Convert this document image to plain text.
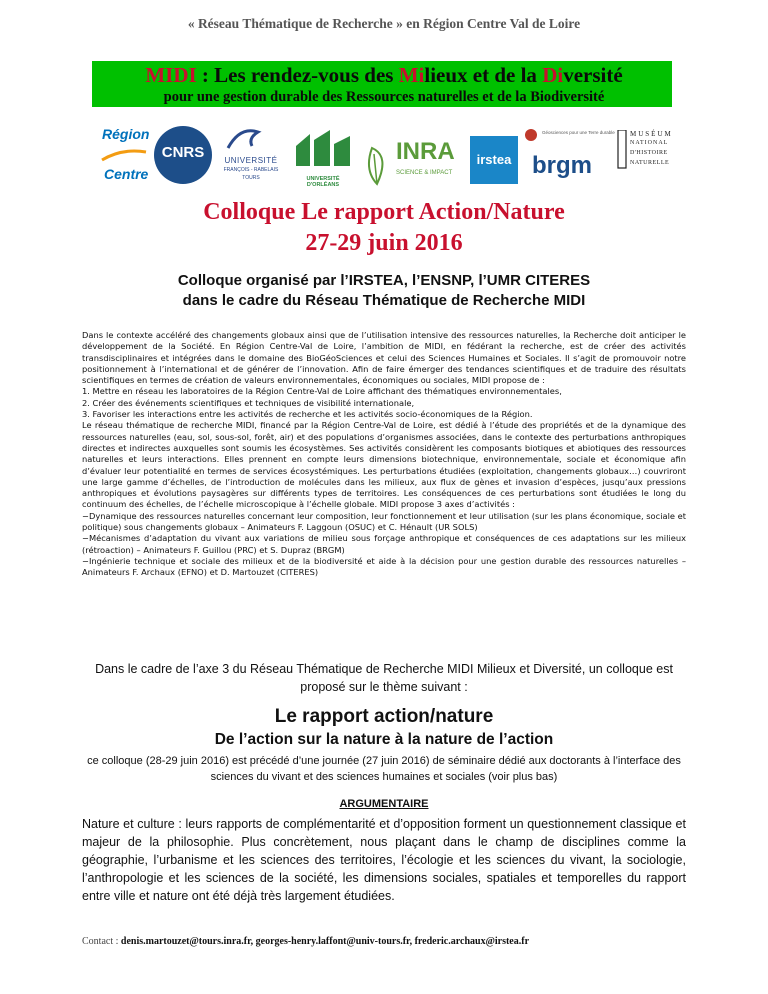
« Réseau Thématique de Recherche » en Région Centre Val de Loire
MIDI : Les rendez-vous des Milieux et de la Diversité
pour une gestion durable des Ressources naturelles et de la Biodiversité
Région
Centre
CNRS	UNIVERSITÉ
FRANÇOIS - RABELAIS
TOURS	UNIVERSITÉ D'ORLÉANS
INRA
SCIENCE & IMPACT
irstea
Géosciences pour une Terre durable
brgm
MUSÉUM
NATIONAL
D'HISTOIRE
NATURELLE
Colloque Le rapport Action/Nature
27-29 juin 2016
Colloque organisé par l’IRSTEA, l’ENSNP, l’UMR CITERES
dans le cadre du Réseau Thématique de Recherche MIDI

Dans le contexte accéléré des changements globaux ainsi que de l’utilisation intensive des ressources naturelles, la Recherche doit anticiper le développement de la Société. En Région Centre-Val de Loire, l’ambition de MIDI, en fédérant la recherche, est de créer des activités transdisciplinaires et intégrées dans le domaine des BioGéoSciences et celui des Sciences Humaines et Sociales. Il s’agit de promouvoir notre positionnement à l’international et de générer de l’innovation. Afin de faire émerger des tendances scientifiques et de traduire des résultats scientifiques en termes de création de valeurs environnementales, économiques ou sociales, MIDI propose de :

1. Mettre en réseau les laboratoires de la Région Centre-Val de Loire affichant des thématiques environnementales,

2. Créer des événements scientifiques et techniques de visibilité internationale,

3. Favoriser les interactions entre les activités de recherche et les activités socio-économiques de la Région.

Le réseau thématique de recherche MIDI, financé par la Région Centre-Val de Loire, est dédié à l’étude des propriétés et de la dynamique des ressources naturelles (eau, sol, sous-sol, forêt, air) et des populations d’organismes associées, dans le contexte des perturbations anthropiques directes et indirectes auxquelles sont soumis les écosystèmes. Ses activités considèrent les composants biotiques et abiotiques des ressources naturelles et leurs interactions. Elles prennent en compte leurs dimensions biotechnique, environnementale, sociale et économique afin d’évaluer leur potentialité en termes de services écosystémiques. Les perturbations étudiées (exploitation, changements globaux…) couvriront une large gamme d’échelles, de l’introduction de molécules dans les milieux, aux flux de gènes et invasion d’espèces, jusqu’aux pressions anthropiques et évolutions paysagères sur différents types de territoires. Les conséquences de ces perturbations sont étudiées le long du continuum des échelles, de l’échelle microscopique à l’échelle globale. MIDI propose 3 axes d’activités :

−Dynamique des ressources naturelles concernant leur composition, leur fonctionnement et leur utilisation (sur les plans économique, sociale et politique) sous changements globaux – Animateurs F. Laggoun (OSUC) et C. Hénault (UR SOLS)

−Mécanismes d’adaptation du vivant aux variations de milieu sous forçage anthropique et conséquences de ces adaptations sur les milieux (rétroaction) – Animateurs F. Guillou (PRC) et S. Dupraz (BRGM)

−Ingénierie technique et sociale des milieux et de la biodiversité et aide à la décision pour une gestion durable des ressources naturelles – Animateurs F. Archaux (EFNO) et D. Martouzet (CITERES)

Dans le cadre de l’axe 3 du Réseau Thématique de Recherche MIDI Milieux et Diversité, un colloque est proposé sur le thème suivant :
Le rapport action/nature
De l’action sur la nature à la nature de l’action
ce colloque (28-29 juin 2016) est précédé d’une journée (27 juin 2016) de séminaire dédié aux doctorants à l’interface des sciences du vivant et des sciences humaines et sociales (voir plus bas)
ARGUMENTAIRE
Nature et culture : leurs rapports de complémentarité et d’opposition forment un questionnement classique et majeur de la philosophie. Plus concrètement, nous plaçant dans le champ de disciplines comme la géographie, l’urbanisme et les sciences des territoires, l’écologie et les sciences du vivant, la sociologie, l’anthropologie et les sciences de la société, les dimensions sociales, spatiales et temporelles du rapport entre ville et nature ont été déjà très largement étudiées.
Contact : denis.martouzet@tours.inra.fr, georges-henry.laffont@univ-tours.fr, frederic.archaux@irstea.fr
